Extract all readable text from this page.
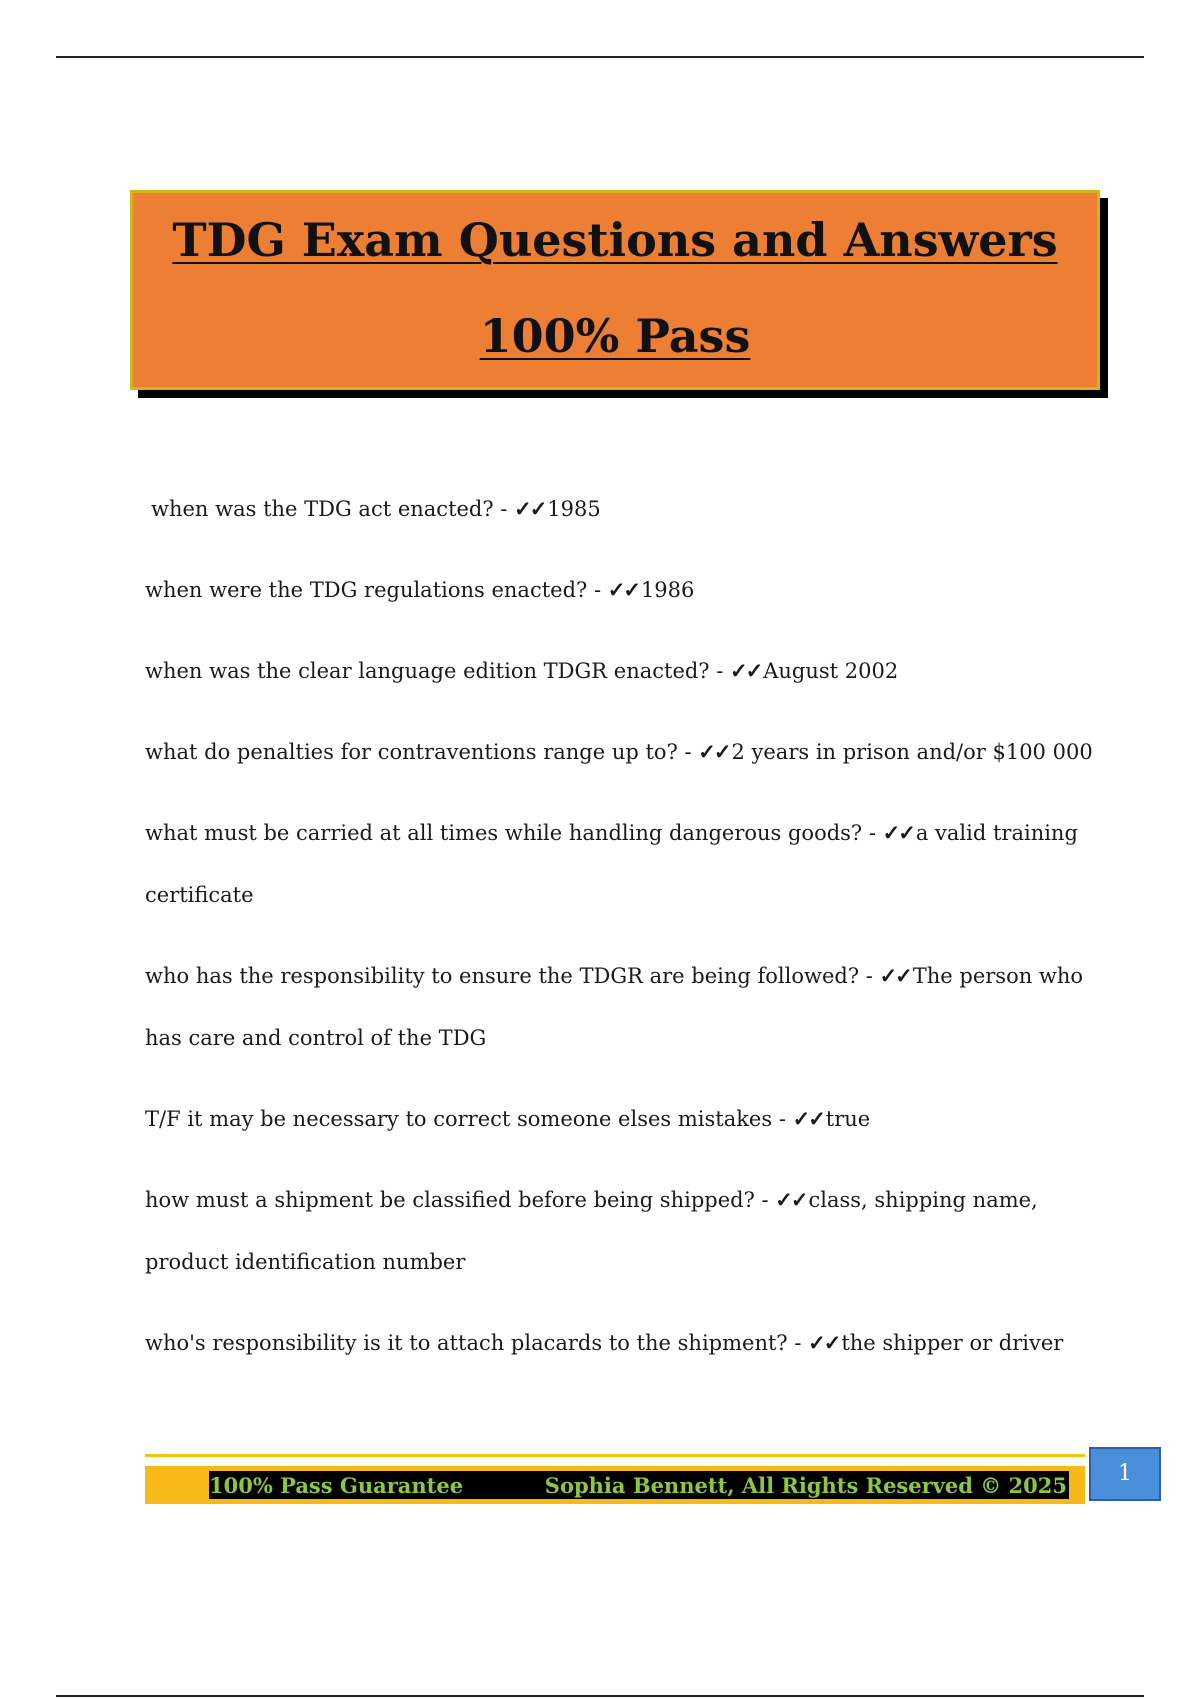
TDG Exam Questions and Answers
100% Pass
when was the TDG act enacted? - ✓✓1985
when were the TDG regulations enacted? - ✓✓1986
when was the clear language edition TDGR enacted? - ✓✓August 2002
what do penalties for contraventions range up to? - ✓✓2 years in prison and/or $100 000
what must be carried at all times while handling dangerous goods? - ✓✓a valid training certificate
who has the responsibility to ensure the TDGR are being followed? - ✓✓The person who has care and control of the TDG
T/F it may be necessary to correct someone elses mistakes - ✓✓true
how must a shipment be classified before being shipped? - ✓✓class, shipping name, product identification number
who's responsibility is it to attach placards to the shipment? - ✓✓the shipper or driver
100% Pass Guarantee	Sophia Bennett, All Rights Reserved © 2025	1
